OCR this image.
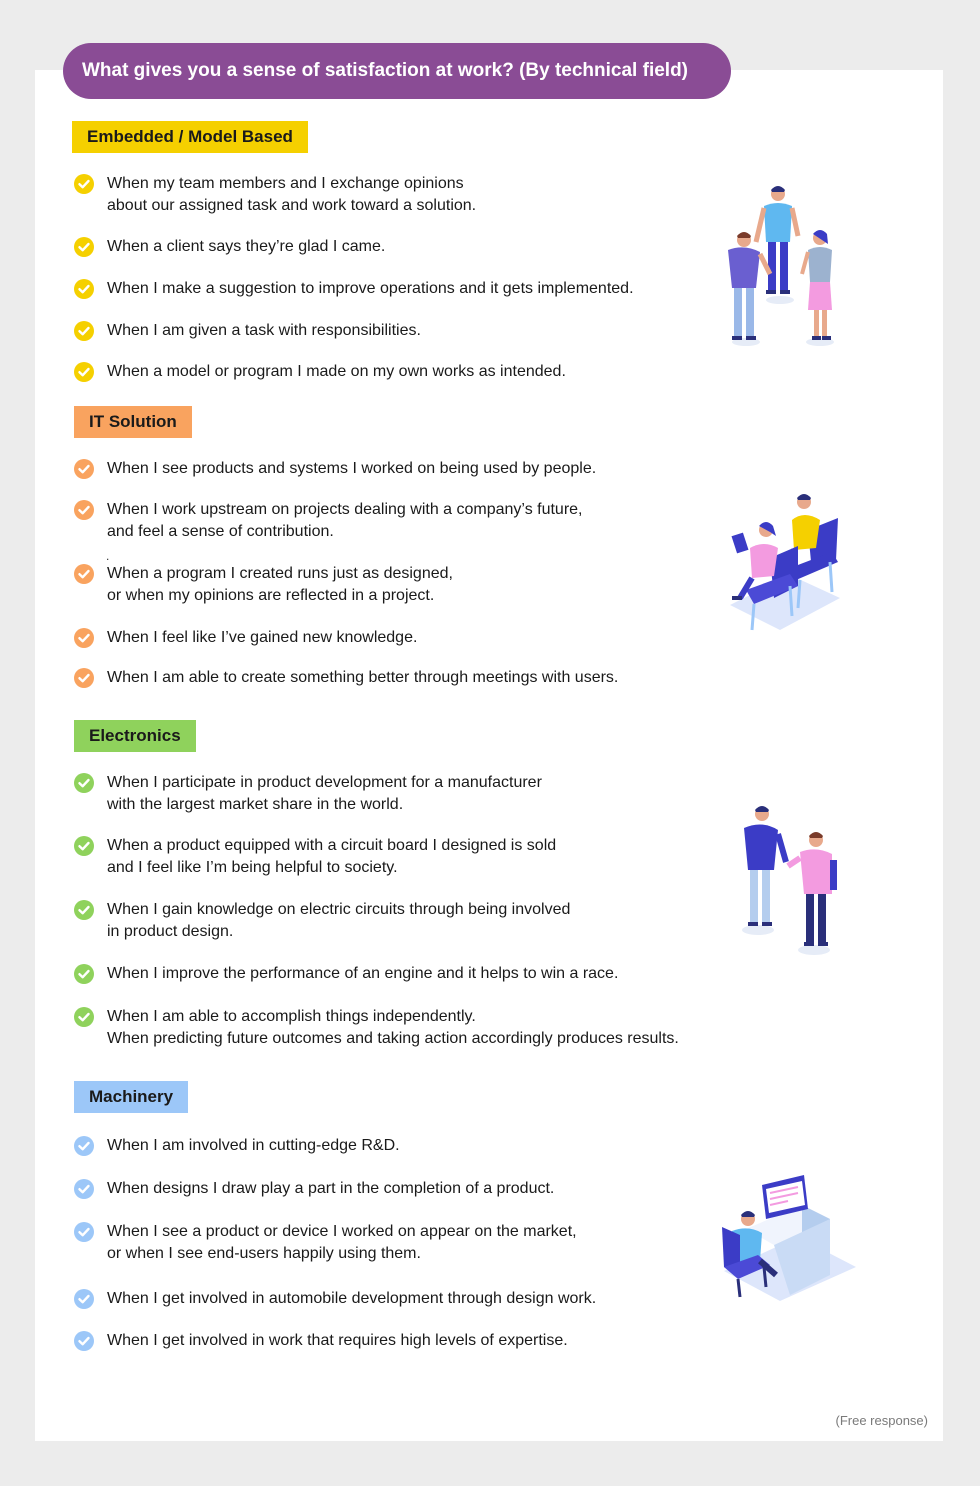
What gives you a sense of satisfaction at work? (By technical field)
Embedded / Model Based
IT Solution
Electronics
Machinery
When my team members and I exchange opinions
about our assigned task and work toward a solution.
When a client says they’re glad I came.
When I make a suggestion to improve operations and it gets implemented.
When I am given a task with responsibilities.
When a model or program I made on my own works as intended.
When I see products and systems I worked on being used by people.
When I work upstream on projects dealing with a company’s future,
and feel a sense of contribution.
.
When a program I created runs just as designed,
or when my opinions are reflected in a project.
When I feel like I’ve gained new knowledge.
When I am able to create something better through meetings with users.
When I participate in product development for a manufacturer
with the largest market share in the world.
When a product equipped with a circuit board I designed is sold
and I feel like I’m being helpful to society.
When I gain knowledge on electric circuits through being involved
in product design.
When I improve the performance of an engine and it helps to win a race.
When I am able to accomplish things independently.
When predicting future outcomes and taking action accordingly produces results.
When I am involved in cutting-edge R&D.
When designs I draw play a part in the completion of a product.
When I see a product or device I worked on appear on the market,
or when I see end-users happily using them.
When I get involved in automobile development through design work.
When I get involved in work that requires high levels of expertise.
(Free response)
